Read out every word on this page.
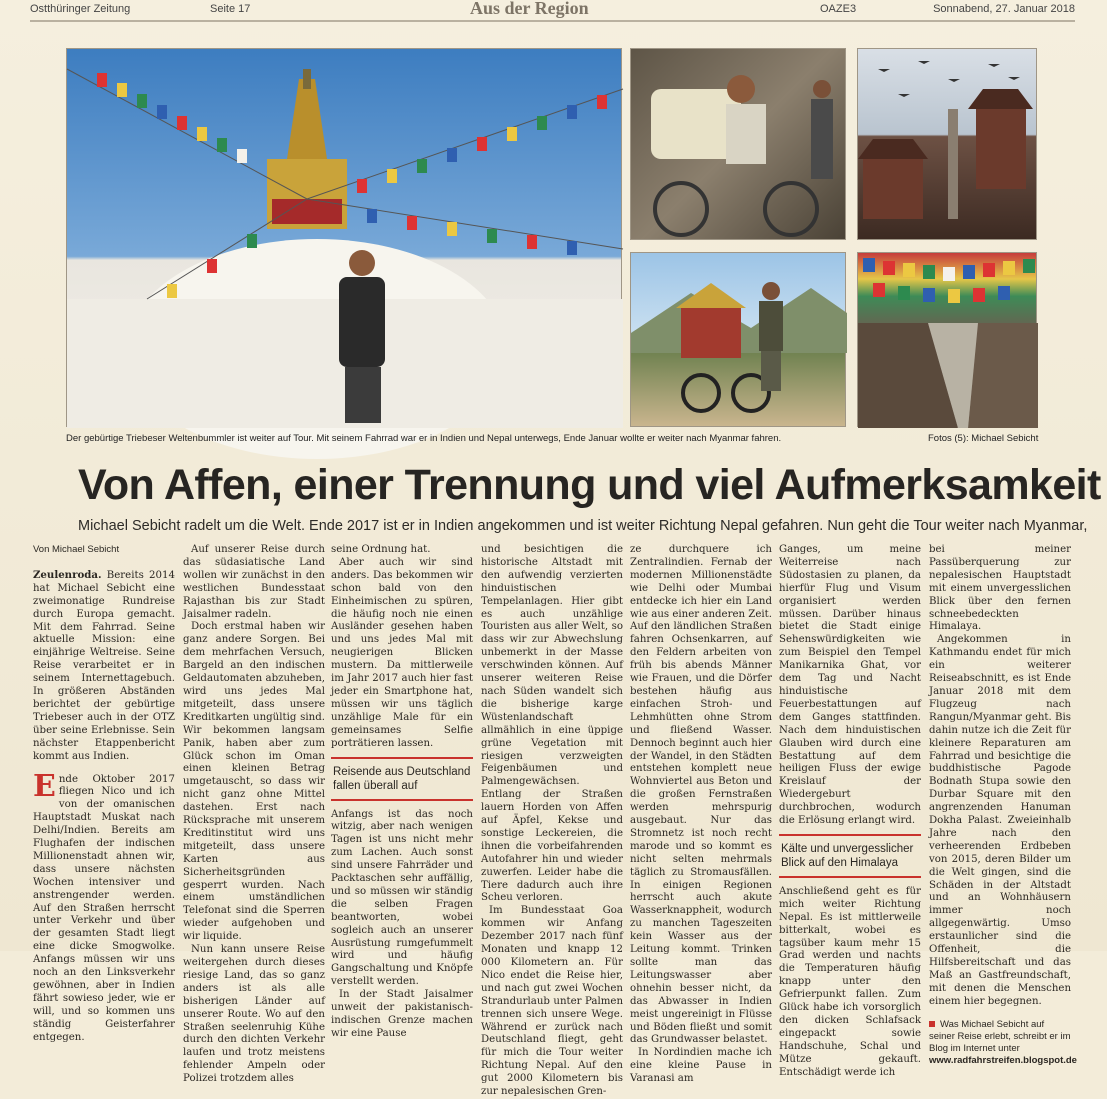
Ostthüringer Zeitung	Seite 17	Aus der Region	OAZE3	Sonnabend, 27. Januar 2018
Der gebürtige Triebeser Weltenbummler ist weiter auf Tour. Mit seinem Fahrrad war er in Indien und Nepal unterwegs, Ende Januar wollte er weiter nach Myanmar fahren.	Fotos (5): Michael Sebicht
Von Affen, einer Trennung und viel Aufmerksamkeit
Michael Sebicht radelt um die Welt. Ende 2017 ist er in Indien angekommen und ist weiter Richtung Nepal gefahren. Nun geht die Tour weiter nach Myanmar,
Von Michael Sebicht

Zeulenroda. Bereits 2014 hat Michael Sebicht eine zweimonatige Rundreise durch Europa gemacht. Mit dem Fahrrad. Seine aktuelle Mission: eine einjährige Weltreise. Seine Reise verarbeitet er in seinem Internettagebuch. In größeren Abständen berichtet der gebürtige Triebeser auch in der OTZ über seine Erlebnisse. Sein nächster Etappenbericht kommt aus Indien.

Ende Oktober 2017 fliegen Nico und ich von der omanischen Hauptstadt Muskat nach Delhi/Indien. Bereits am Flughafen der indischen Millionenstadt ahnen wir, dass unsere nächsten Wochen intensiver und anstrengender werden. Auf den Straßen herrscht unter Verkehr und über der gesamten Stadt liegt eine dicke Smogwolke. Anfangs müssen wir uns noch an den Linksverkehr gewöhnen, aber in Indien fährt sowieso jeder, wie er will, und so kommen uns ständig Geisterfahrer entgegen.

Auf unserer Reise durch das südasiatische Land wollen wir zunächst in den westlichen Bundesstaat Rajasthan bis zur Stadt Jaisalmer radeln.

Doch erstmal haben wir ganz andere Sorgen. Bei dem mehrfachen Versuch, Bargeld an den indischen Geldautomaten abzuheben, wird uns jedes Mal mitgeteilt, dass unsere Kreditkarten ungültig sind. Wir bekommen langsam Panik, haben aber zum Glück schon im Oman einen kleinen Betrag umgetauscht, so dass wir nicht ganz ohne Mittel dastehen. Erst nach Rücksprache mit unserem Kreditinstitut wird uns mitgeteilt, dass unsere Karten aus Sicherheitsgründen gesperrt wurden. Nach einem umständlichen Telefonat sind die Sperren wieder aufgehoben und wir liquide.

Nun kann unsere Reise weitergehen durch dieses riesige Land, das so ganz anders ist als alle bisherigen Länder auf unserer Route. Wo auf den Straßen seelenruhig Kühe durch den dichten Verkehr laufen und trotz meistens fehlender Ampeln oder Polizei trotzdem alles

seine Ordnung hat.

Aber auch wir sind anders. Das bekommen wir schon bald von den Einheimischen zu spüren, die häufig noch nie einen Ausländer gesehen haben und uns jedes Mal mit neugierigen Blicken mustern. Da mittlerweile im Jahr 2017 auch hier fast jeder ein Smartphone hat, müssen wir uns täglich unzählige Male für ein gemeinsames Selfie porträtieren lassen.

Reisende aus Deutschland fallen überall auf

Anfangs ist das noch witzig, aber nach wenigen Tagen ist uns nicht mehr zum Lachen. Auch sonst sind unsere Fahrräder und Packtaschen sehr auffällig, und so müssen wir ständig die selben Fragen beantworten, wobei sogleich auch an unserer Ausrüstung rumgefummelt wird und häufig Gangschaltung und Knöpfe verstellt werden.

In der Stadt Jaisalmer unweit der pakistanisch-indischen Grenze machen wir eine Pause

und besichtigen die historische Altstadt mit den aufwendig verzierten hinduistischen Tempelanlagen. Hier gibt es auch unzählige Touristen aus aller Welt, so dass wir zur Abwechslung unbemerkt in der Masse verschwinden können. Auf unserer weiteren Reise nach Süden wandelt sich die bisherige karge Wüstenlandschaft allmählich in eine üppige grüne Vegetation mit riesigen verzweigten Feigenbäumen und Palmengewächsen. Entlang der Straßen lauern Horden von Affen auf Äpfel, Kekse und sonstige Leckereien, die ihnen die vorbeifahrenden Autofahrer hin und wieder zuwerfen. Leider habe die Tiere dadurch auch ihre Scheu verloren.

Im Bundesstaat Goa kommen wir Anfang Dezember 2017 nach fünf Monaten und knapp 12 000 Kilometern an. Für Nico endet die Reise hier, und nach gut zwei Wochen Strandurlaub unter Palmen trennen sich unsere Wege. Während er zurück nach Deutschland fliegt, geht für mich die Tour weiter Richtung Nepal. Auf den gut 2000 Kilometern bis zur nepalesischen Gren-

ze durchquere ich Zentralindien. Fernab der modernen Millionenstädte wie Delhi oder Mumbai entdecke ich hier ein Land wie aus einer anderen Zeit. Auf den ländlichen Straßen fahren Ochsenkarren, auf den Feldern arbeiten von früh bis abends Männer wie Frauen, und die Dörfer bestehen häufig aus einfachen Stroh- und Lehmhütten ohne Strom und fließend Wasser. Dennoch beginnt auch hier der Wandel, in den Städten entstehen komplett neue Wohnviertel aus Beton und die großen Fernstraßen werden mehrspurig ausgebaut. Nur das Stromnetz ist noch recht marode und so kommt es nicht selten mehrmals täglich zu Stromausfällen. In einigen Regionen herrscht auch akute Wasserknappheit, wodurch zu manchen Tageszeiten kein Wasser aus der Leitung kommt. Trinken sollte man das Leitungswasser aber ohnehin besser nicht, da das Abwasser in Indien meist ungereinigt in Flüsse und Böden fließt und somit das Grundwasser belastet.

In Nordindien mache ich eine kleine Pause in Varanasi am

Ganges, um meine Weiterreise nach Südostasien zu planen, da hierfür Flug und Visum organisiert werden müssen. Darüber hinaus bietet die Stadt einige Sehenswürdigkeiten wie zum Beispiel den Tempel Manikarnika Ghat, vor dem Tag und Nacht hinduistische Feuerbestattungen auf dem Ganges stattfinden. Nach dem hinduistischen Glauben wird durch eine Bestattung auf dem heiligen Fluss der ewige Kreislauf der Wiedergeburt durchbrochen, wodurch die Erlösung erlangt wird.

Kälte und unvergesslicher Blick auf den Himalaya

Anschließend geht es für mich weiter Richtung Nepal. Es ist mittlerweile bitterkalt, wobei es tagsüber kaum mehr 15 Grad werden und nachts die Temperaturen häufig knapp unter den Gefrierpunkt fallen. Zum Glück habe ich vorsorglich den dicken Schlafsack eingepackt sowie Handschuhe, Schal und Mütze gekauft. Entschädigt werde ich

bei meiner Passüberquerung zur nepalesischen Hauptstadt mit einem unvergesslichen Blick über den fernen schneebedeckten Himalaya.

Angekommen in Kathmandu endet für mich ein weiterer Reiseabschnitt, es ist Ende Januar 2018 mit dem Flugzeug nach Rangun/Myanmar geht. Bis dahin nutze ich die Zeit für kleinere Reparaturen am Fahrrad und besichtige die buddhistische Pagode Bodnath Stupa sowie den Durbar Square mit den angrenzenden Hanuman Dokha Palast. Zweieinhalb Jahre nach den verheerenden Erdbeben von 2015, deren Bilder um die Welt gingen, sind die Schäden in der Altstadt und an Wohnhäusern immer noch allgegenwärtig. Umso erstaunlicher sind die Offenheit, die Hilfsbereitschaft und das Maß an Gastfreundschaft, mit denen die Menschen einem hier begegnen.

Was Michael Sebicht auf seiner Reise erlebt, schreibt er im Blog im Internet unter
www.radfahrstreifen.blogspot.de
